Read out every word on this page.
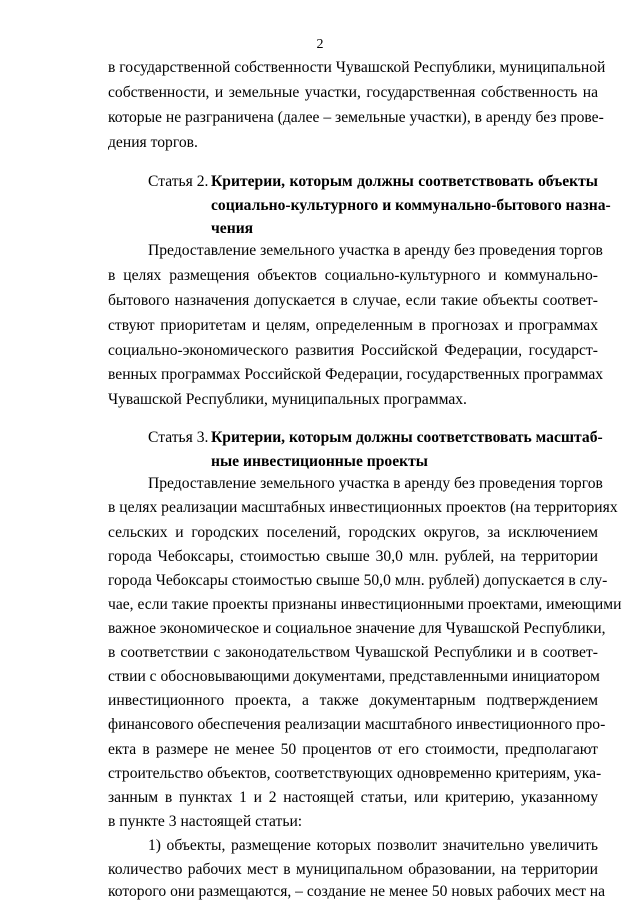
2
в государственной собственности Чувашской Республики, муниципальной
собственности, и земельные участки, государственная собственность на
которые не разграничена (далее – земельные участки), в аренду без прове-
дения торгов.
Статья 2. Критерии, которым должны соответствовать объекты
социально-культурного и коммунально-бытового назна-
чения
Предоставление земельного участка в аренду без проведения торгов
в целях размещения объектов социально-культурного и коммунально-
бытового назначения допускается в случае, если такие объекты соответ-
ствуют приоритетам и целям, определенным в прогнозах и программах
социально-экономического развития Российской Федерации, государст-
венных программах Российской Федерации, государственных программах
Чувашской Республики, муниципальных программах.
Статья 3. Критерии, которым должны соответствовать масштаб-
ные инвестиционные проекты
Предоставление земельного участка в аренду без проведения торгов
в целях реализации масштабных инвестиционных проектов (на территориях
сельских и городских поселений, городских округов, за исключением
города Чебоксары, стоимостью свыше 30,0 млн. рублей, на территории
города Чебоксары стоимостью свыше 50,0 млн. рублей) допускается в слу-
чае, если такие проекты признаны инвестиционными проектами, имеющими
важное экономическое и социальное значение для Чувашской Республики,
в соответствии с законодательством Чувашской Республики и в соответ-
ствии с обосновывающими документами, представленными инициатором
инвестиционного проекта, а также документарным подтверждением
финансового обеспечения реализации масштабного инвестиционного про-
екта в размере не менее 50 процентов от его стоимости, предполагают
строительство объектов, соответствующих одновременно критериям, ука-
занным в пунктах 1 и 2 настоящей статьи, или критерию, указанному
в пункте 3 настоящей статьи:
1) объекты, размещение которых позволит значительно увеличить
количество рабочих мест в муниципальном образовании, на территории
которого они размещаются, – создание не менее 50 новых рабочих мест на
